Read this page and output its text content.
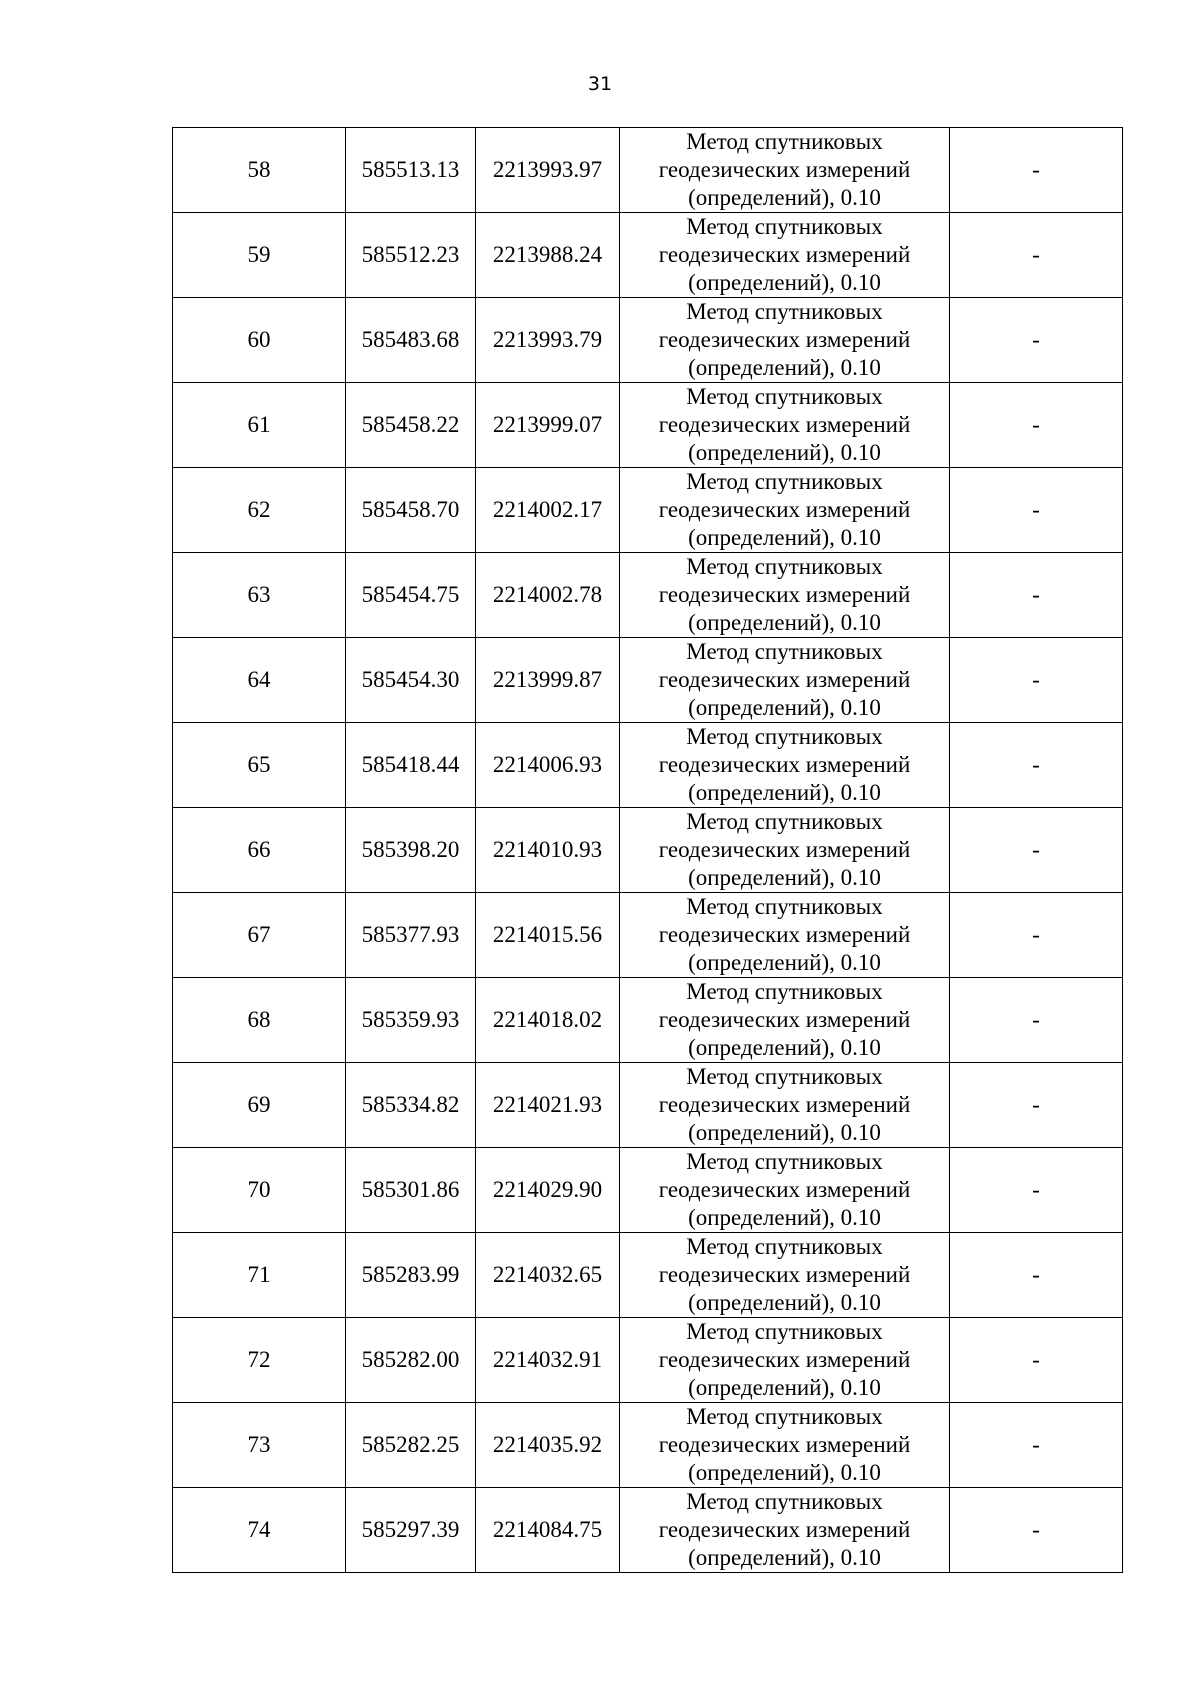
31
58	585513.13	2213993.97	Метод спутниковых
геодезических измерений
(определений), 0.10	-
59	585512.23	2213988.24	Метод спутниковых
геодезических измерений
(определений), 0.10	-
60	585483.68	2213993.79	Метод спутниковых
геодезических измерений
(определений), 0.10	-
61	585458.22	2213999.07	Метод спутниковых
геодезических измерений
(определений), 0.10	-
62	585458.70	2214002.17	Метод спутниковых
геодезических измерений
(определений), 0.10	-
63	585454.75	2214002.78	Метод спутниковых
геодезических измерений
(определений), 0.10	-
64	585454.30	2213999.87	Метод спутниковых
геодезических измерений
(определений), 0.10	-
65	585418.44	2214006.93	Метод спутниковых
геодезических измерений
(определений), 0.10	-
66	585398.20	2214010.93	Метод спутниковых
геодезических измерений
(определений), 0.10	-
67	585377.93	2214015.56	Метод спутниковых
геодезических измерений
(определений), 0.10	-
68	585359.93	2214018.02	Метод спутниковых
геодезических измерений
(определений), 0.10	-
69	585334.82	2214021.93	Метод спутниковых
геодезических измерений
(определений), 0.10	-
70	585301.86	2214029.90	Метод спутниковых
геодезических измерений
(определений), 0.10	-
71	585283.99	2214032.65	Метод спутниковых
геодезических измерений
(определений), 0.10	-
72	585282.00	2214032.91	Метод спутниковых
геодезических измерений
(определений), 0.10	-
73	585282.25	2214035.92	Метод спутниковых
геодезических измерений
(определений), 0.10	-
74	585297.39	2214084.75	Метод спутниковых
геодезических измерений
(определений), 0.10	-
